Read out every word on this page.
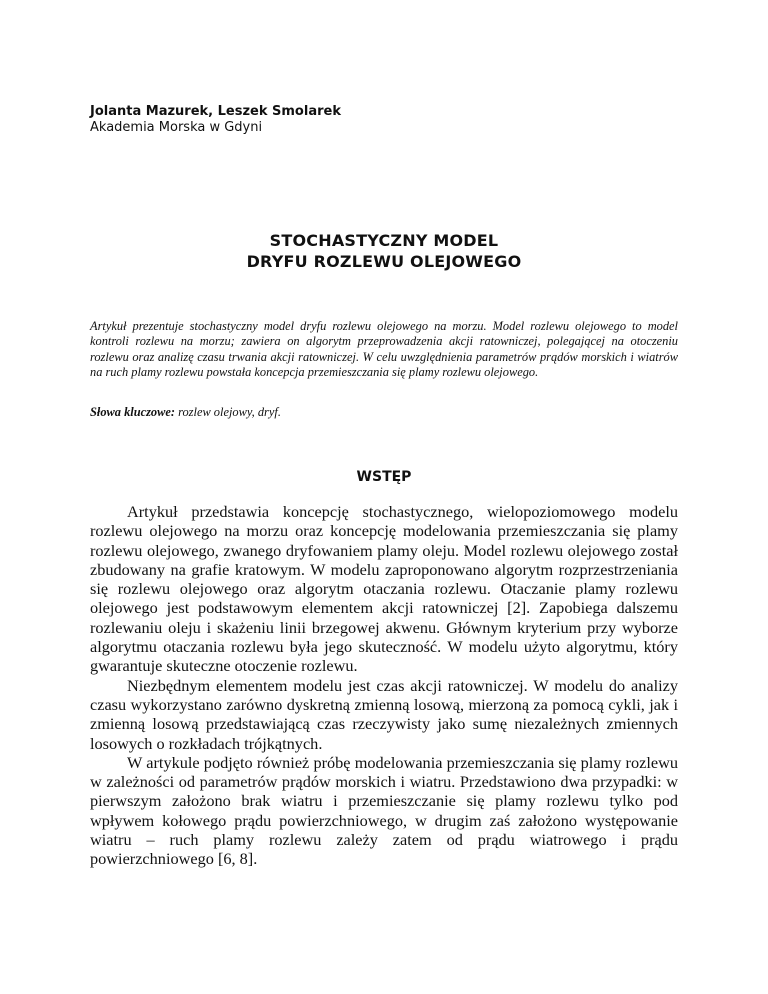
Jolanta Mazurek, Leszek Smolarek
Akademia Morska w Gdyni
STOCHASTYCZNY MODEL
DRYFU ROZLEWU OLEJOWEGO

Artykuł prezentuje stochastyczny model dryfu rozlewu olejowego na morzu. Model rozlewu olejowego to model kontroli rozlewu na morzu; zawiera on algorytm przeprowadzenia akcji ratowniczej, polegającej na otoczeniu rozlewu oraz analizę czasu trwania akcji ratowniczej. W celu uwzględnienia parametrów prądów morskich i wiatrów na ruch plamy rozlewu powstała koncepcja przemieszczania się plamy rozlewu olejowego.

Słowa kluczowe: rozlew olejowy, dryf.
WSTĘP

Artykuł przedstawia koncepcję stochastycznego, wielopoziomowego modelu rozlewu olejowego na morzu oraz koncepcję modelowania przemieszczania się plamy rozlewu olejowego, zwanego dryfowaniem plamy oleju. Model rozlewu olejowego został zbudowany na grafie kratowym. W modelu zaproponowano algorytm rozprzestrzeniania się rozlewu olejowego oraz algorytm otaczania rozlewu. Otaczanie plamy rozlewu olejowego jest podstawowym elementem akcji ratowniczej [2]. Zapobiega dalszemu rozlewaniu oleju i skażeniu linii brzegowej akwenu. Głównym kryterium przy wyborze algorytmu otaczania rozlewu była jego skuteczność. W modelu użyto algorytmu, który gwarantuje skuteczne otoczenie rozlewu.

Niezbędnym elementem modelu jest czas akcji ratowniczej. W modelu do analizy czasu wykorzystano zarówno dyskretną zmienną losową, mierzoną za pomocą cykli, jak i zmienną losową przedstawiającą czas rzeczywisty jako sumę niezależnych zmiennych losowych o rozkładach trójkątnych.

W artykule podjęto również próbę modelowania przemieszczania się plamy rozlewu w zależności od parametrów prądów morskich i wiatru. Przedstawiono dwa przypadki: w pierwszym założono brak wiatru i przemieszczanie się plamy rozlewu tylko pod wpływem kołowego prądu powierzchniowego, w drugim zaś założono występowanie wiatru – ruch plamy rozlewu zależy zatem od prądu wiatrowego i prądu powierzchniowego [6, 8].
